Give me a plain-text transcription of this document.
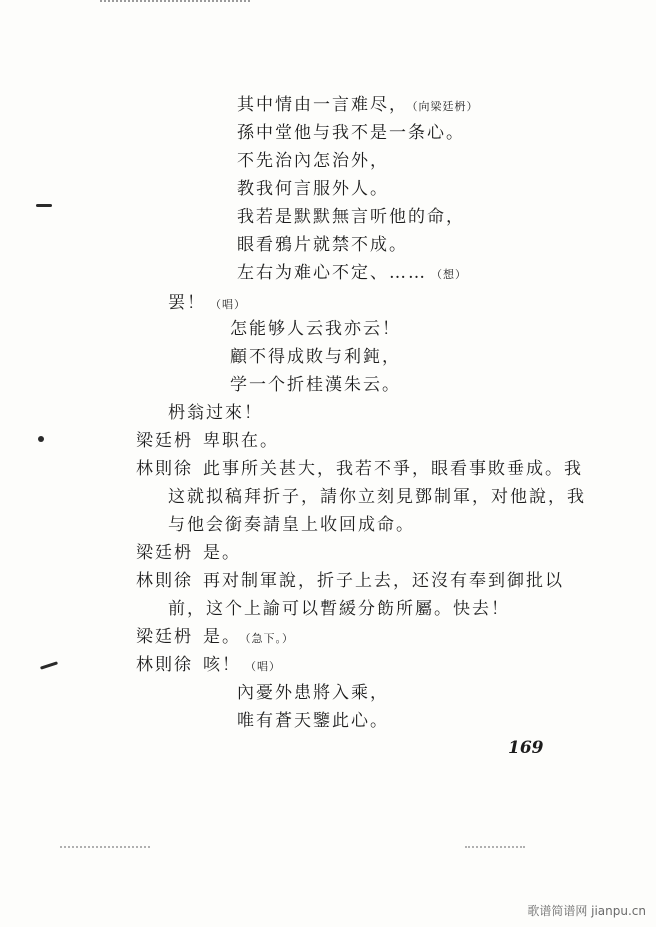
其中情由一言难尽， （向梁廷枬）
孫中堂他与我不是一条心。
不先治內怎治外，
教我何言服外人。
我若是默默無言听他的命，
眼看鴉片就禁不成。
左右为难心不定、…… （想）
罢！ （唱）
怎能够人云我亦云！
顧不得成敗与利鈍，
学一个折桂漢朱云。
枬翁过來！
梁廷枬 卑职在。
林則徐 此事所关甚大，我若不爭，眼看事敗垂成。我
这就拟稿拜折子，請你立刻見鄧制軍，对他說，我
与他会銜奏請皇上收回成命。
梁廷枬 是。
林則徐 再对制軍說，折子上去，还沒有奉到御批以
前，这个上諭可以暫緩分飭所屬。快去！
梁廷枬 是。 （急下。）
林則徐 咳！ （唱）
內憂外患將入乘，
唯有蒼天鑒此心。
169
歌谱简谱网 jianpu.cn
